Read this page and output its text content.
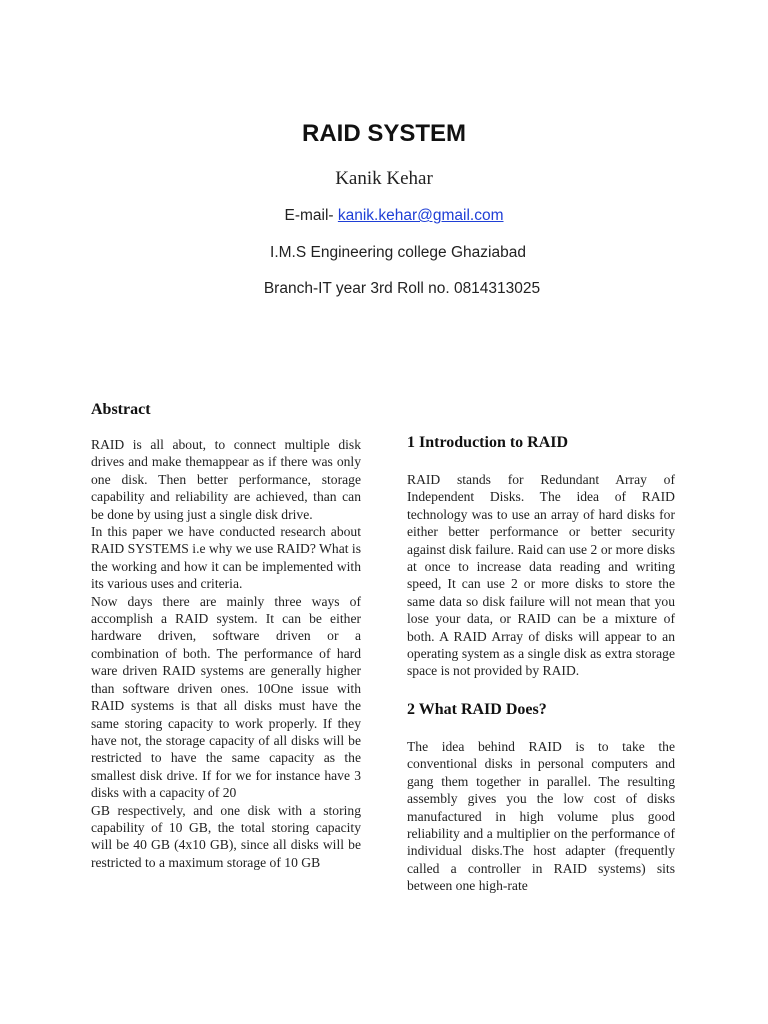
RAID SYSTEM
Kanik Kehar
E-mail- kanik.kehar@gmail.com
I.M.S Engineering college Ghaziabad
Branch-IT year 3rd Roll no. 0814313025
Abstract

RAID is all about, to connect multiple disk drives and make themappear as if there was only one disk. Then better performance, storage capability and reliability are achieved, than can be done by using just a single disk drive.

In this paper we have conducted research about RAID SYSTEMS i.e why we use RAID? What is the working and how it can be implemented with its various uses and criteria.

Now days there are mainly three ways of accomplish a RAID system. It can be either hardware driven, software driven or a combination of both. The performance of hard ware driven RAID systems are generally higher than software driven ones. 10One issue with RAID systems is that all disks must have the same storing capacity to work properly. If they have not, the storage capacity of all disks will be restricted to have the same capacity as the smallest disk drive. If for we for instance have 3 disks with a capacity of 20

GB respectively, and one disk with a storing capability of 10 GB, the total storing capacity will be 40 GB (4x10 GB), since all disks will be restricted to a maximum storage of 10 GB

1 Introduction to RAID

RAID stands for Redundant Array of Independent Disks. The idea of RAID technology was to use an array of hard disks for either better performance or better security against disk failure. Raid can use 2 or more disks at once to increase data reading and writing speed, It can use 2 or more disks to store the same data so disk failure will not mean that you lose your data, or RAID can be a mixture of both. A RAID Array of disks will appear to an operating system as a single disk as extra storage space is not provided by RAID.

2 What RAID Does?

The idea behind RAID is to take the conventional disks in personal computers and gang them together in parallel. The resulting assembly gives you the low cost of disks manufactured in high volume plus good reliability and a multiplier on the performance of individual disks.The host adapter (frequently called a controller in RAID systems) sits between one high-rate
